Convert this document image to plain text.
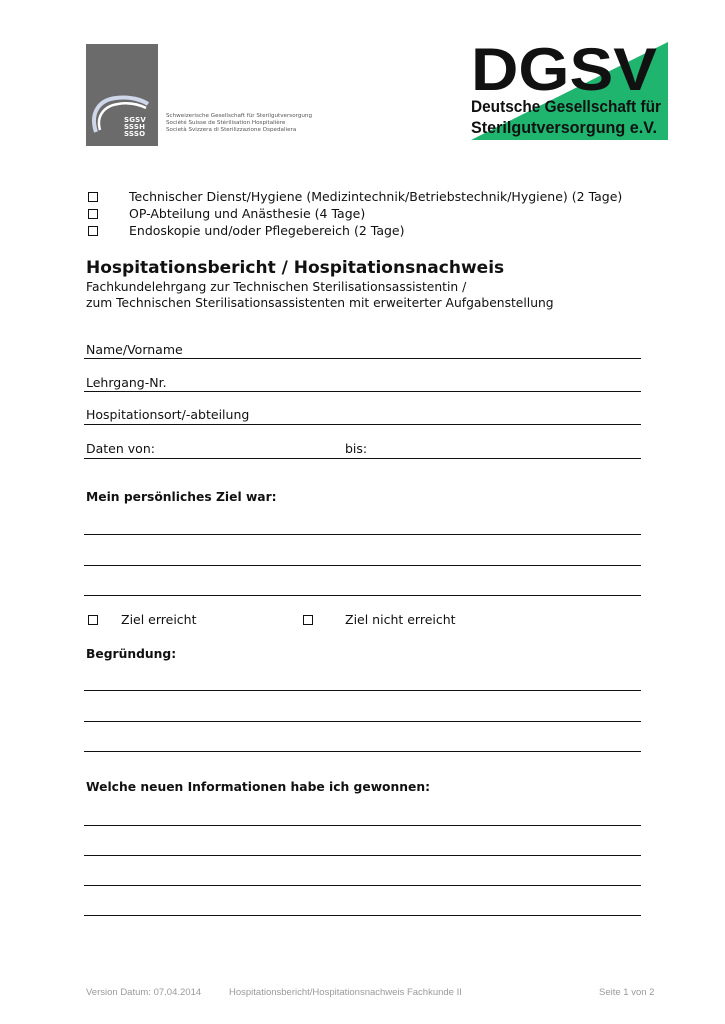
SGSV
SSSH
SSSO
Schweizerische Gesellschaft für Sterilgutversorgung
Société Suisse de Stérilisation Hospitalière
Società Svizzera di Sterilizzazione Ospedaliera
DGSV
Deutsche Gesellschaft für
Sterilgutversorgung e.V.
Technischer Dienst/Hygiene (Medizintechnik/Betriebstechnik/Hygiene) (2 Tage)
OP-Abteilung und Anästhesie (4 Tage)
Endoskopie und/oder Pflegebereich (2 Tage)
Hospitationsbericht / Hospitationsnachweis
Fachkundelehrgang zur Technischen Sterilisationsassistentin /
zum Technischen Sterilisationsassistenten mit erweiterter Aufgabenstellung
Name/Vorname
Lehrgang-Nr.
Hospitationsort/-abteilung
Daten von:	bis:
Mein persönliches Ziel war:
Ziel erreicht	Ziel nicht erreicht
Begründung:
Welche neuen Informationen habe ich gewonnen:
Version Datum: 07.04.2014	Hospitationsbericht/Hospitationsnachweis Fachkunde II	Seite 1 von 2
